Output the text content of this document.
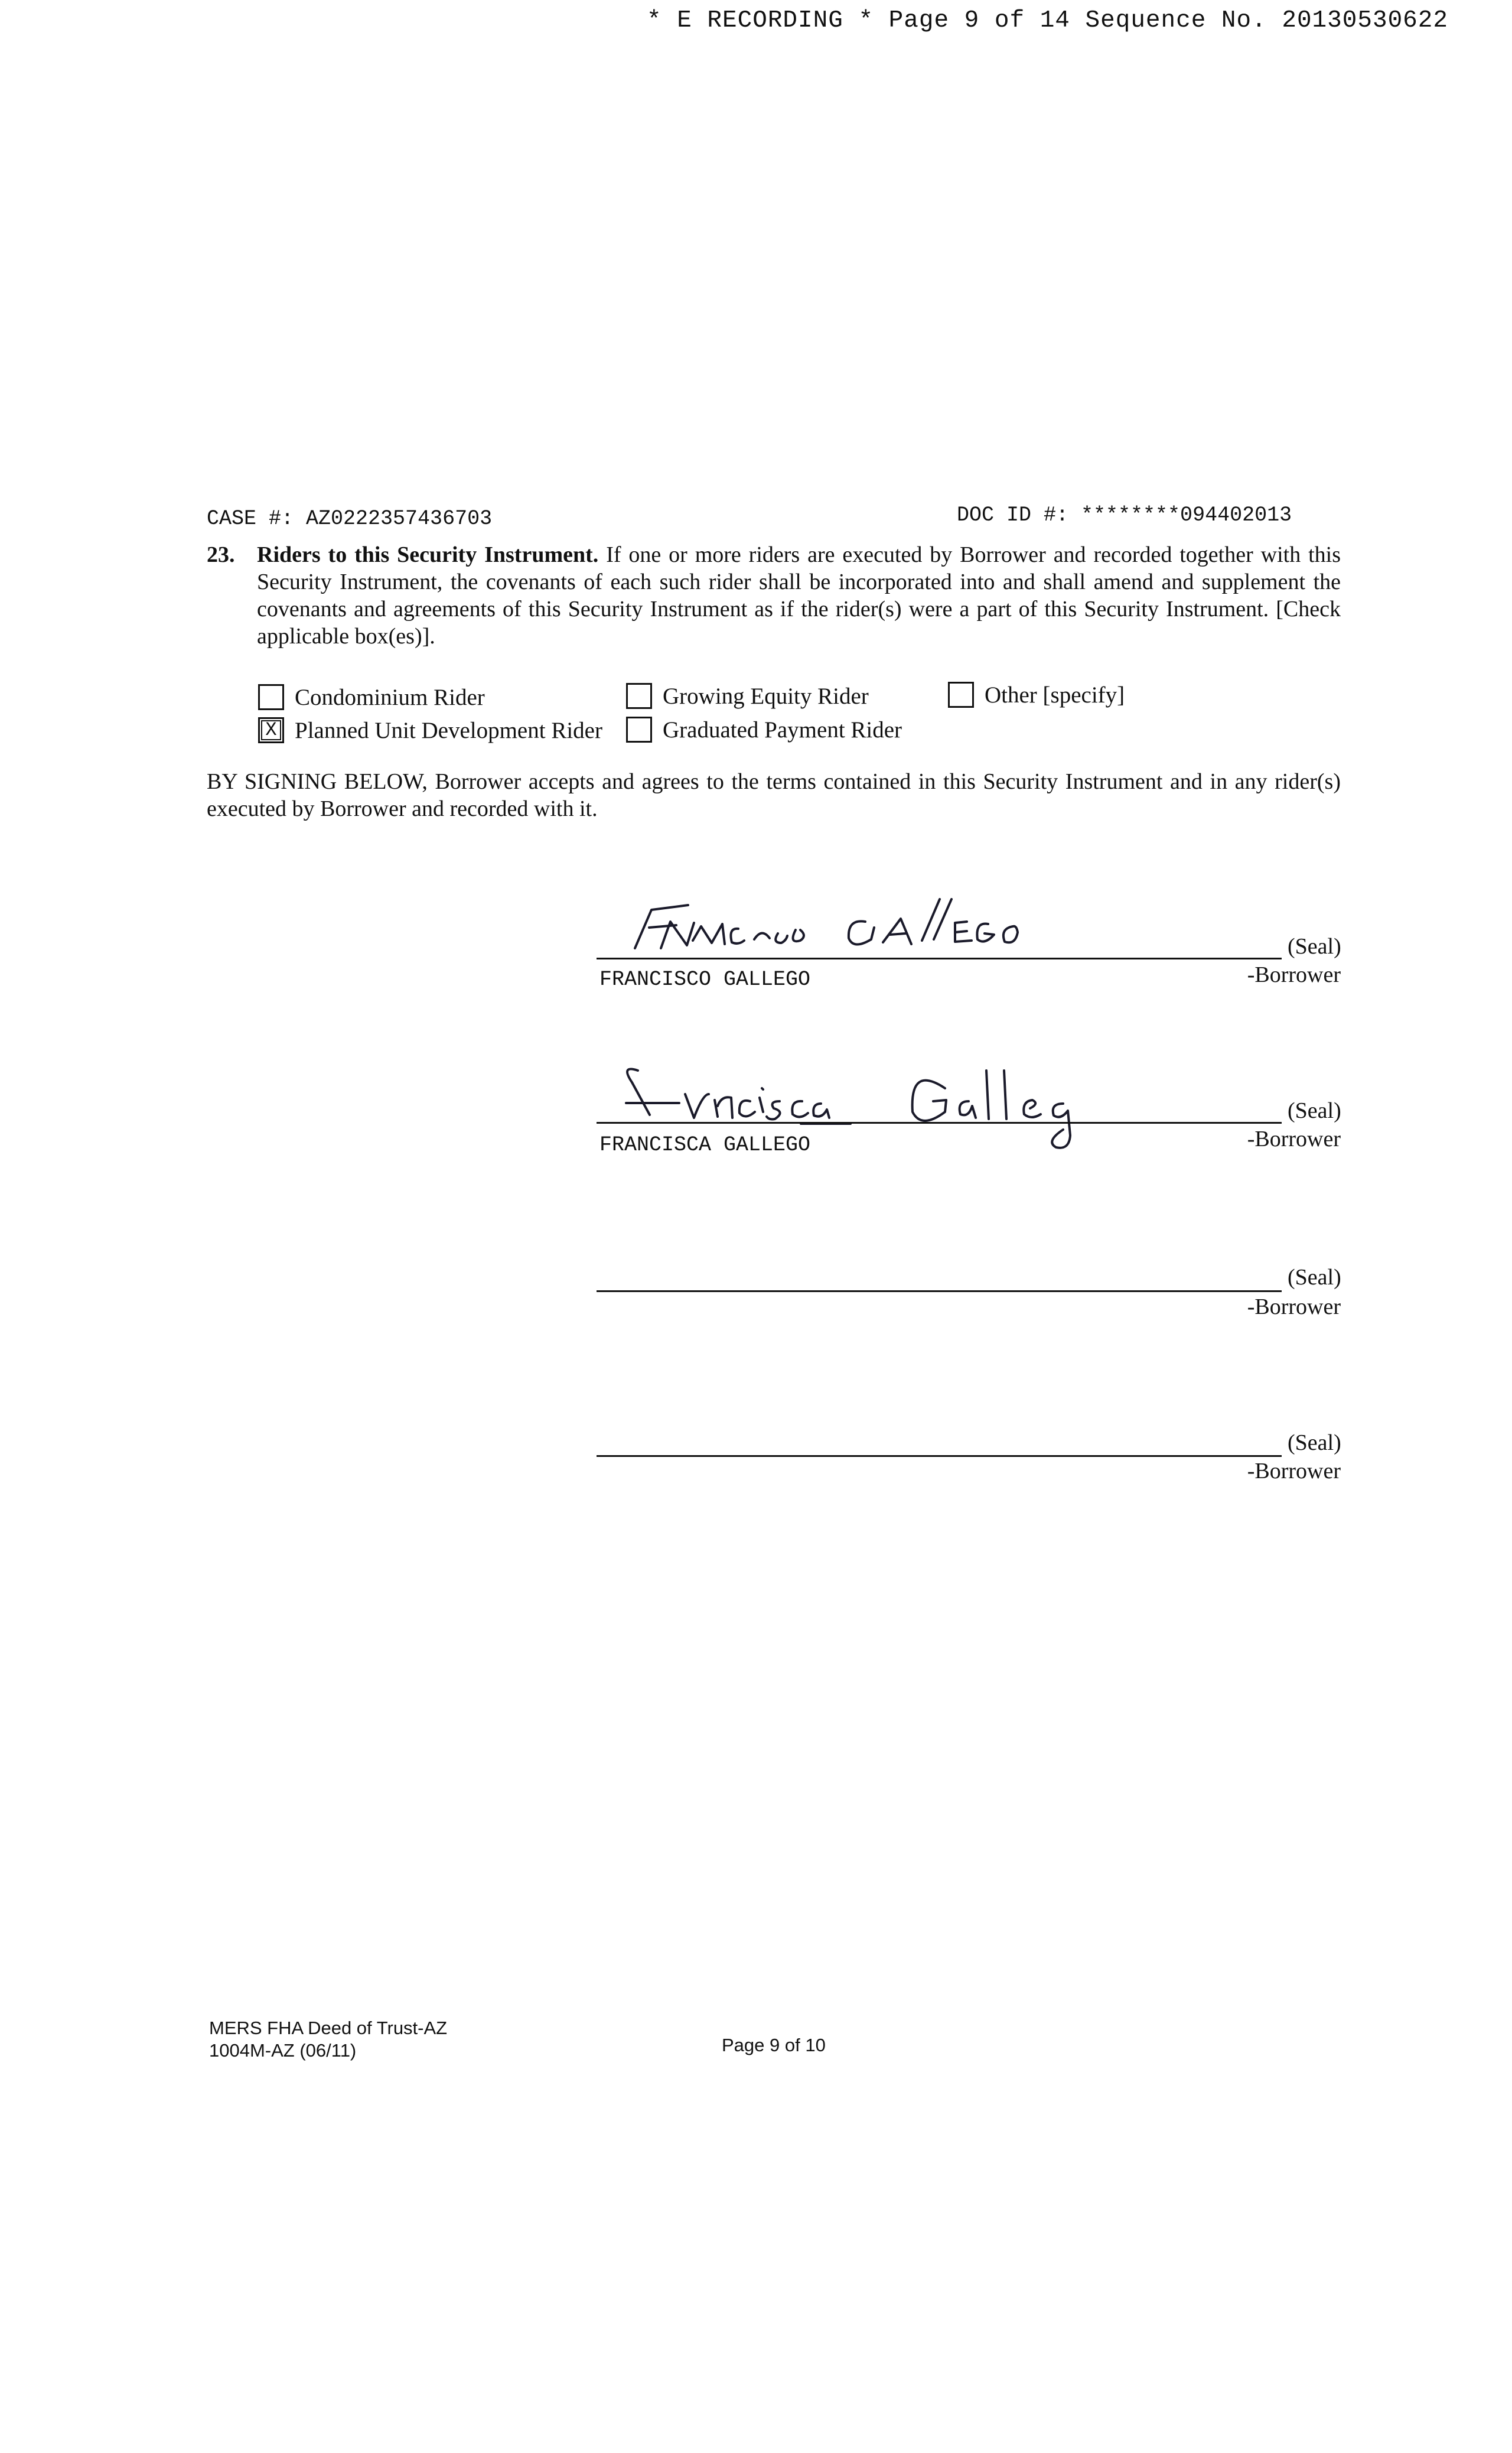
* E RECORDING * Page 9 of 14 Sequence No. 20130530622
CASE #: AZ0222357436703	DOC ID #: ********094402013
23. Riders to this Security Instrument. If one or more riders are executed by Borrower and recorded together with this Security Instrument, the covenants of each such rider shall be incorporated into and shall amend and supplement the covenants and agreements of this Security Instrument as if the rider(s) were a part of this Security Instrument. [Check applicable box(es)].
Condominium Rider	Growing Equity Rider	Other [specify]
X Planned Unit Development Rider	Graduated Payment Rider
BY SIGNING BELOW, Borrower accepts and agrees to the terms contained in this Security Instrument and in any rider(s) executed by Borrower and recorded with it.
(Seal)
FRANCISCO GALLEGO	-Borrower
(Seal)
FRANCISCA GALLEGO	-Borrower
(Seal)
-Borrower
(Seal)
-Borrower
MERS FHA Deed of Trust-AZ
1004M-AZ (06/11)	Page 9 of 10
